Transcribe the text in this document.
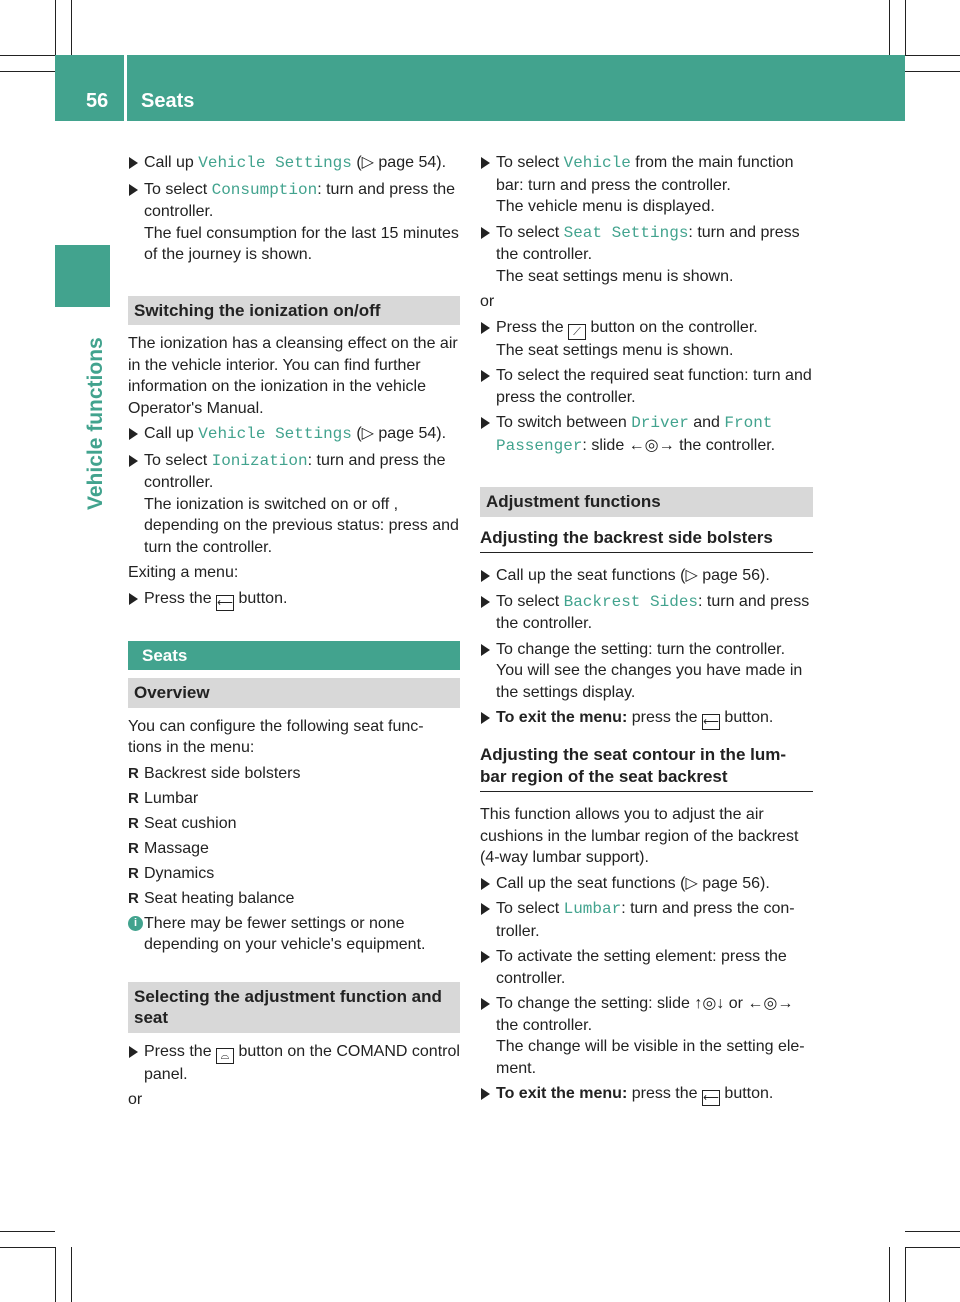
56 Seats
Vehicle functions
Call up Vehicle Settings (▷ page 54).
To select Consumption: turn and press the controller.
The fuel consumption for the last 15 minutes of the journey is shown.
Switching the ionization on/off
The ionization has a cleansing effect on the air in the vehicle interior. You can find further information on the ionization in the vehicle Operator's Manual.
Call up Vehicle Settings (▷ page 54).
To select Ionization: turn and press the controller.
The ionization is switched on or off , depending on the previous status: press and turn the controller.
Exiting a menu:
Press the ⟵ button.
Seats
Overview
You can configure the following seat func- tions in the menu:
R Backrest side bolsters
R Lumbar
R Seat cushion
R Massage
R Dynamics
R Seat heating balance
i There may be fewer settings or none depending on your vehicle's equipment.
Selecting the adjustment function and seat
Press the ⌓ button on the COMAND control panel.
or
To select Vehicle from the main function bar: turn and press the controller.
The vehicle menu is displayed.
To select Seat Settings: turn and press the controller.
The seat settings menu is shown.
or
Press the ⟋ button on the controller.
The seat settings menu is shown.
To select the required seat function: turn and press the controller.
To switch between Driver and Front Passenger: slide ←◎→ the controller.
Adjustment functions
Adjusting the backrest side bolsters
Call up the seat functions (▷ page 56).
To select Backrest Sides: turn and press the controller.
To change the setting: turn the controller.
You will see the changes you have made in the settings display.
To exit the menu: press the ⟵ button.
Adjusting the seat contour in the lum- bar region of the seat backrest
This function allows you to adjust the air cushions in the lumbar region of the backrest (4-way lumbar support).
Call up the seat functions (▷ page 56).
To select Lumbar: turn and press the con- troller.
To activate the setting element: press the controller.
To change the setting: slide ↑◎↓ or ←◎→ the controller.
The change will be visible in the setting ele- ment.
To exit the menu: press the ⟵ button.
